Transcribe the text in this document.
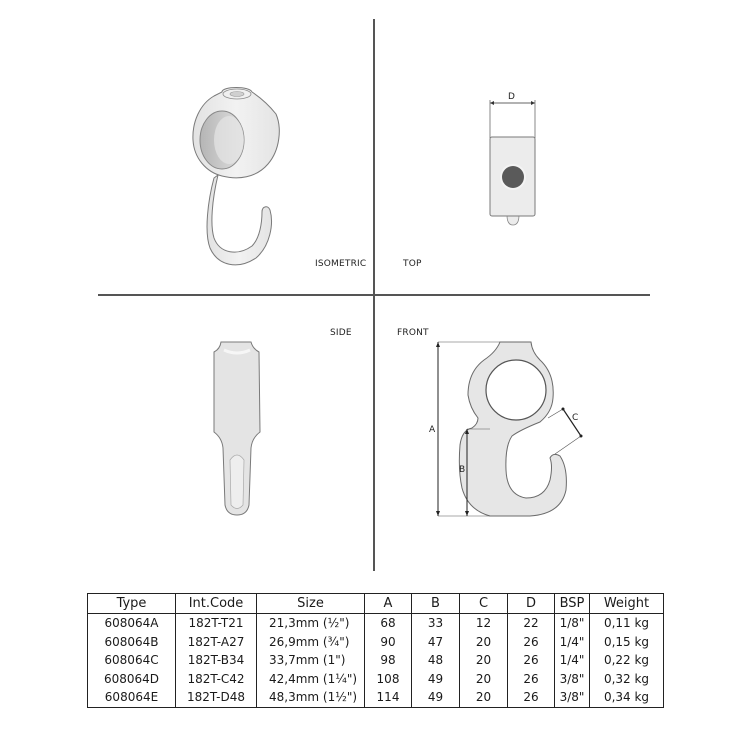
D
A
B
C
ISOMETRIC	TOP
SIDE	FRONT
Type	Int.Code	Size	A	B	C	D	BSP	Weight
608064A	182T-T21	21,3mm (½")	68	33	12	22	1/8"	0,11 kg
608064B	182T-A27	26,9mm (¾")	90	47	20	26	1/4"	0,15 kg
608064C	182T-B34	33,7mm (1")	98	48	20	26	1/4"	0,22 kg
608064D	182T-C42	42,4mm (1¼")	108	49	20	26	3/8"	0,32 kg
608064E	182T-D48	48,3mm (1½")	114	49	20	26	3/8"	0,34 kg
